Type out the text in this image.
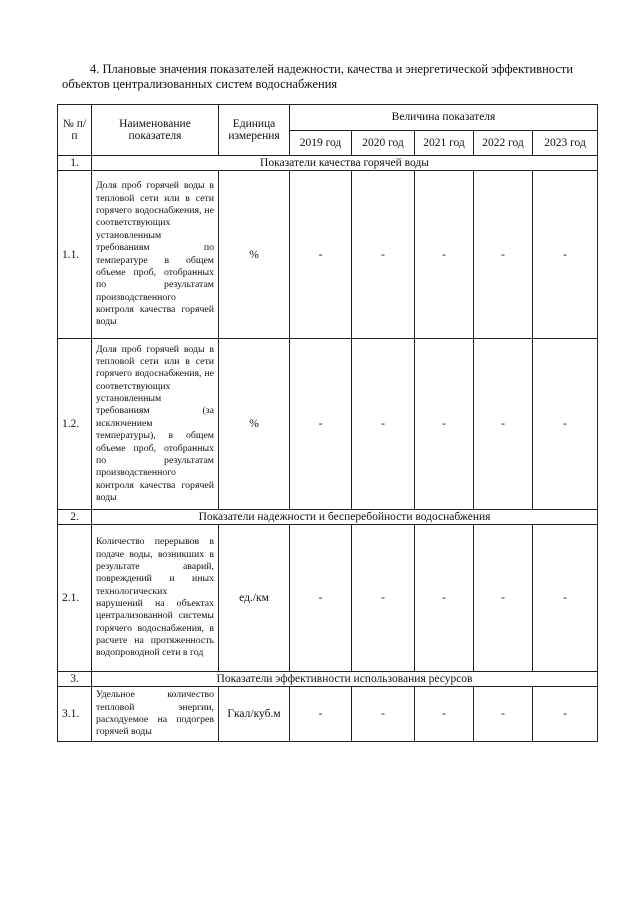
4. Плановые значения показателей надежности, качества и энергетической эффективности объектов централизованных систем водоснабжения
№ п/п	Наименование показателя	Единица измерения	Величина показателя				
			2019 год	2020 год	2021 год	2022 год	2023 год
1.	Показатели качества горячей воды						
1.1.	Доля проб горячей воды в тепловой сети или в сети горячего водоснабжения, не соответствующих установленным требованиям по температуре в общем объеме проб, отобранных по результатам производственного контроля качества горячей воды	%	-	-	-	-	-
1.2.	Доля проб горячей воды в тепловой сети или в сети горячего водоснабжения, не соответствующих установленным требованиям (за исключением температуры), в общем объеме проб, отобранных по результатам производственного контроля качества горячей воды	%	-	-	-	-	-
2.	Показатели надежности и бесперебойности водоснабжения						
2.1.	Количество перерывов в подаче воды, возникших в результате аварий, повреждений и иных технологических нарушений на объектах централизованной системы горячего водоснабжения, в расчете на протяженность водопроводной сети в год	ед./км	-	-	-	-	-
3.	Показатели эффективности использования ресурсов						
3.1.	Удельное количество тепловой энергии, расходуемое на подогрев горячей воды	Гкал/куб.м	-	-	-	-	-
